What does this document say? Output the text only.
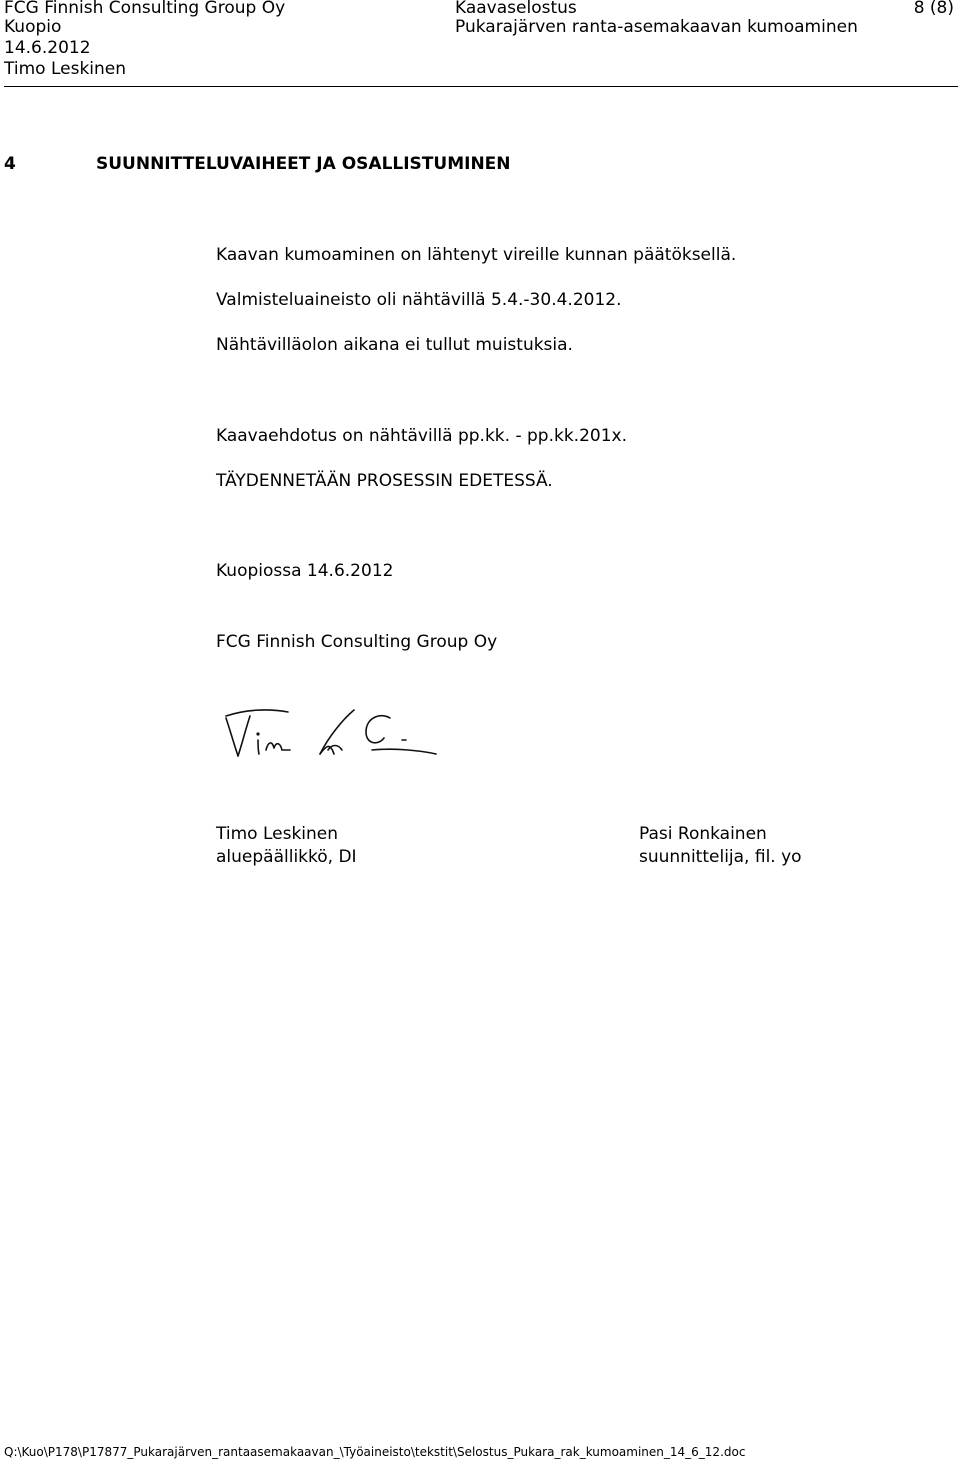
FCG Finnish Consulting Group Oy
Kuopio
14.6.2012
Timo Leskinen
Kaavaselostus
Pukarajärven ranta-asemakaavan kumoaminen
8 (8)
4	SUUNNITTELUVAIHEET JA OSALLISTUMINEN
Kaavan kumoaminen on lähtenyt vireille kunnan päätöksellä.
Valmisteluaineisto oli nähtävillä 5.4.-30.4.2012.
Nähtävilläolon aikana ei tullut muistuksia.
Kaavaehdotus on nähtävillä pp.kk. - pp.kk.201x.
TÄYDENNETÄÄN PROSESSIN EDETESSÄ.
Kuopiossa 14.6.2012
FCG Finnish Consulting Group Oy
Timo Leskinen
aluepäällikkö, DI
Pasi Ronkainen
suunnittelija, fil. yo
Q:\Kuo\P178\P17877_Pukarajärven_rantaasemakaavan_\Työaineisto\tekstit\Selostus_Pukara_rak_kumoaminen_14_6_12.doc
